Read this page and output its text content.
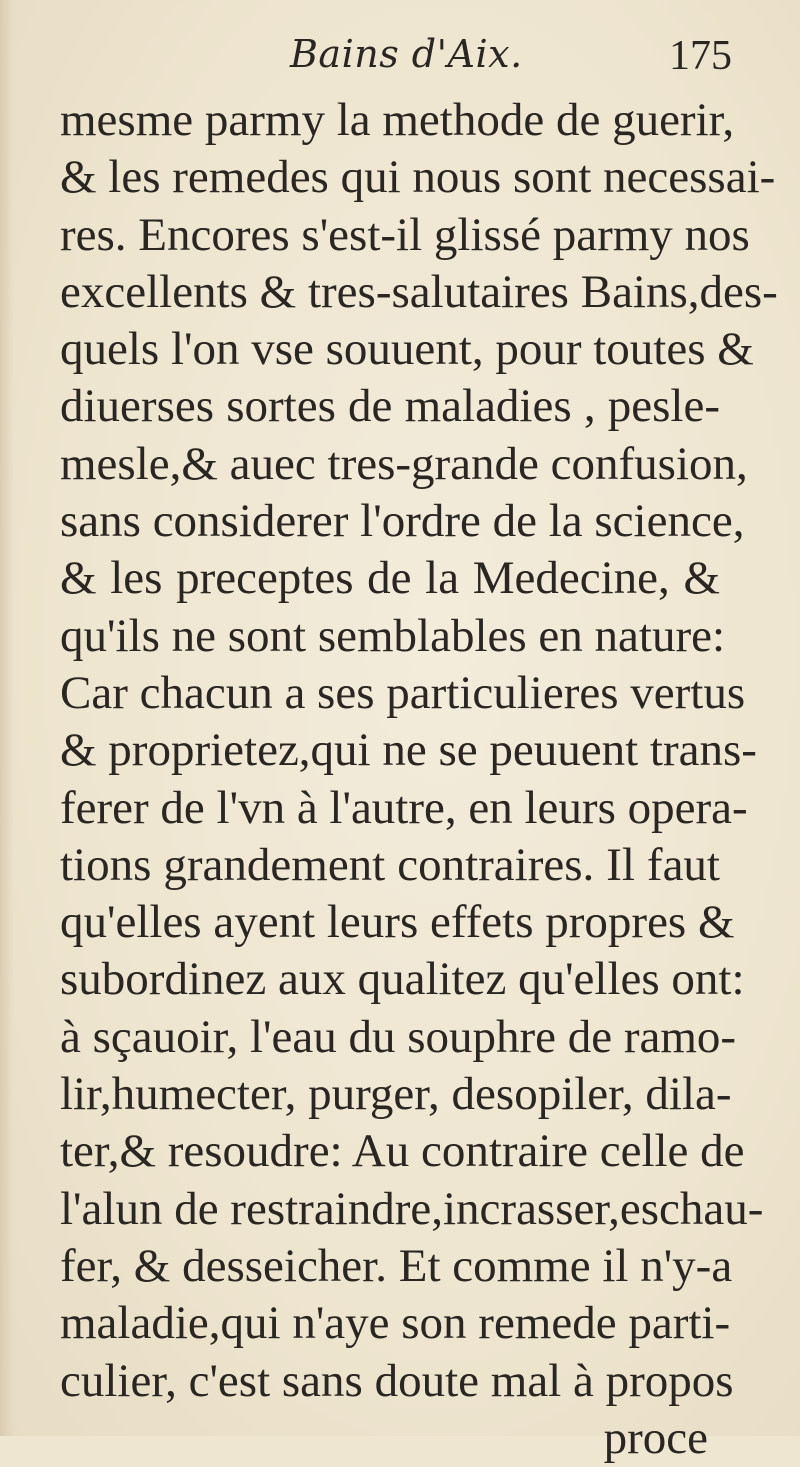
Bains d'Aix.	175
mesme parmy la methode de guerir,
& les remedes qui nous sont necessai-
res. Encores s'est-il glissé parmy nos
excellents & tres-salutaires Bains,des-
quels l'on vse souuent, pour toutes &
diuerses sortes de maladies , pesle-
mesle,& auec tres-grande confusion,
sans considerer l'ordre de la science,
& les preceptes de la Medecine, &
qu'ils ne sont semblables en nature:
Car chacun a ses particulieres vertus
& proprietez,qui ne se peuuent trans-
ferer de l'vn à l'autre, en leurs opera-
tions grandement contraires. Il faut
qu'elles ayent leurs effets propres &
subordinez aux qualitez qu'elles ont:
à sçauoir, l'eau du souphre de ramo-
lir,humecter, purger, desopiler, dila-
ter,& resoudre: Au contraire celle de
l'alun de restraindre,incrasser,eschau-
fer, & desseicher. Et comme il n'y-a
maladie,qui n'aye son remede parti-
culier, c'est sans doute mal à propos
proce
